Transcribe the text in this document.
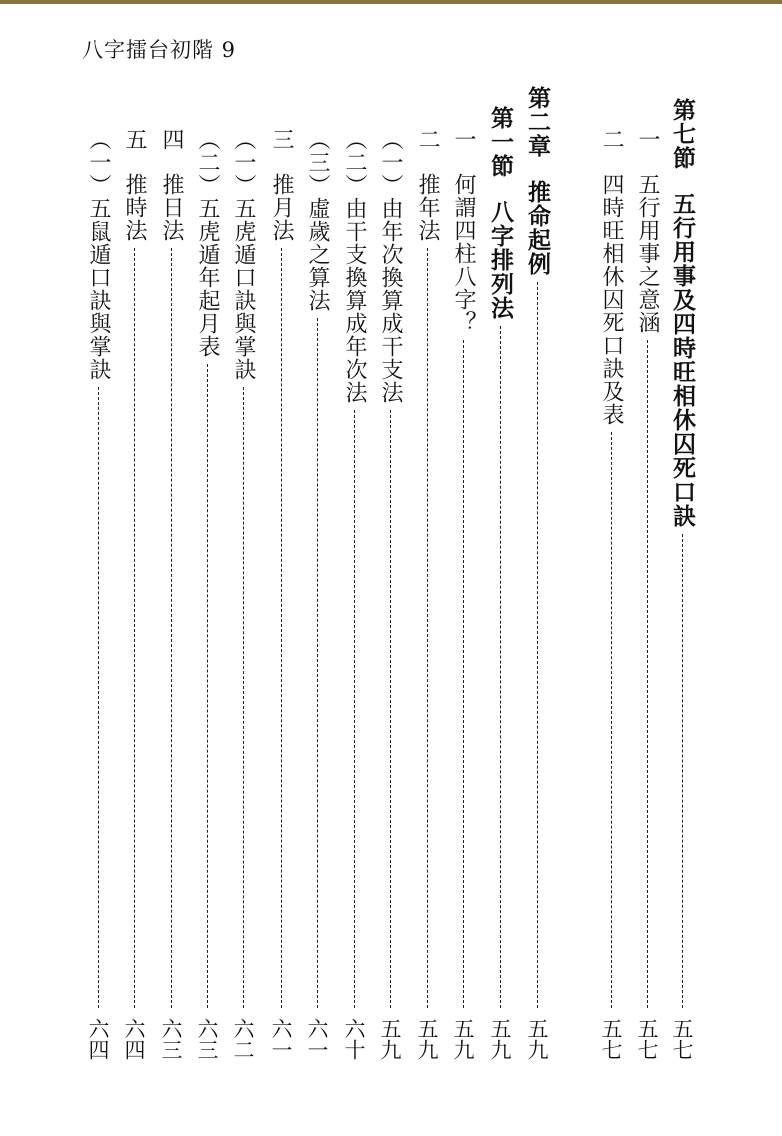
八字擂台初階 9
第七節
五行用事及四時旺相休囚死口訣
五七
一
五行用事之意涵
五七
二
四時旺相休囚死口訣及表
五七
第二章
推命起例
五九
第一節
八字排列法
五九
一
何謂四柱八字？
五九
二
推年法
五九
（一）
由年次換算成干支法
五九
（二）
由干支換算成年次法
六十
（三）
虛歲之算法
六一
三
推月法
六一
（一）
五虎遁口訣與掌訣
六二
（二）
五虎遁年起月表
六三
四
推日法
六三
五
推時法
六四
（一）
五鼠遁口訣與掌訣
六四
